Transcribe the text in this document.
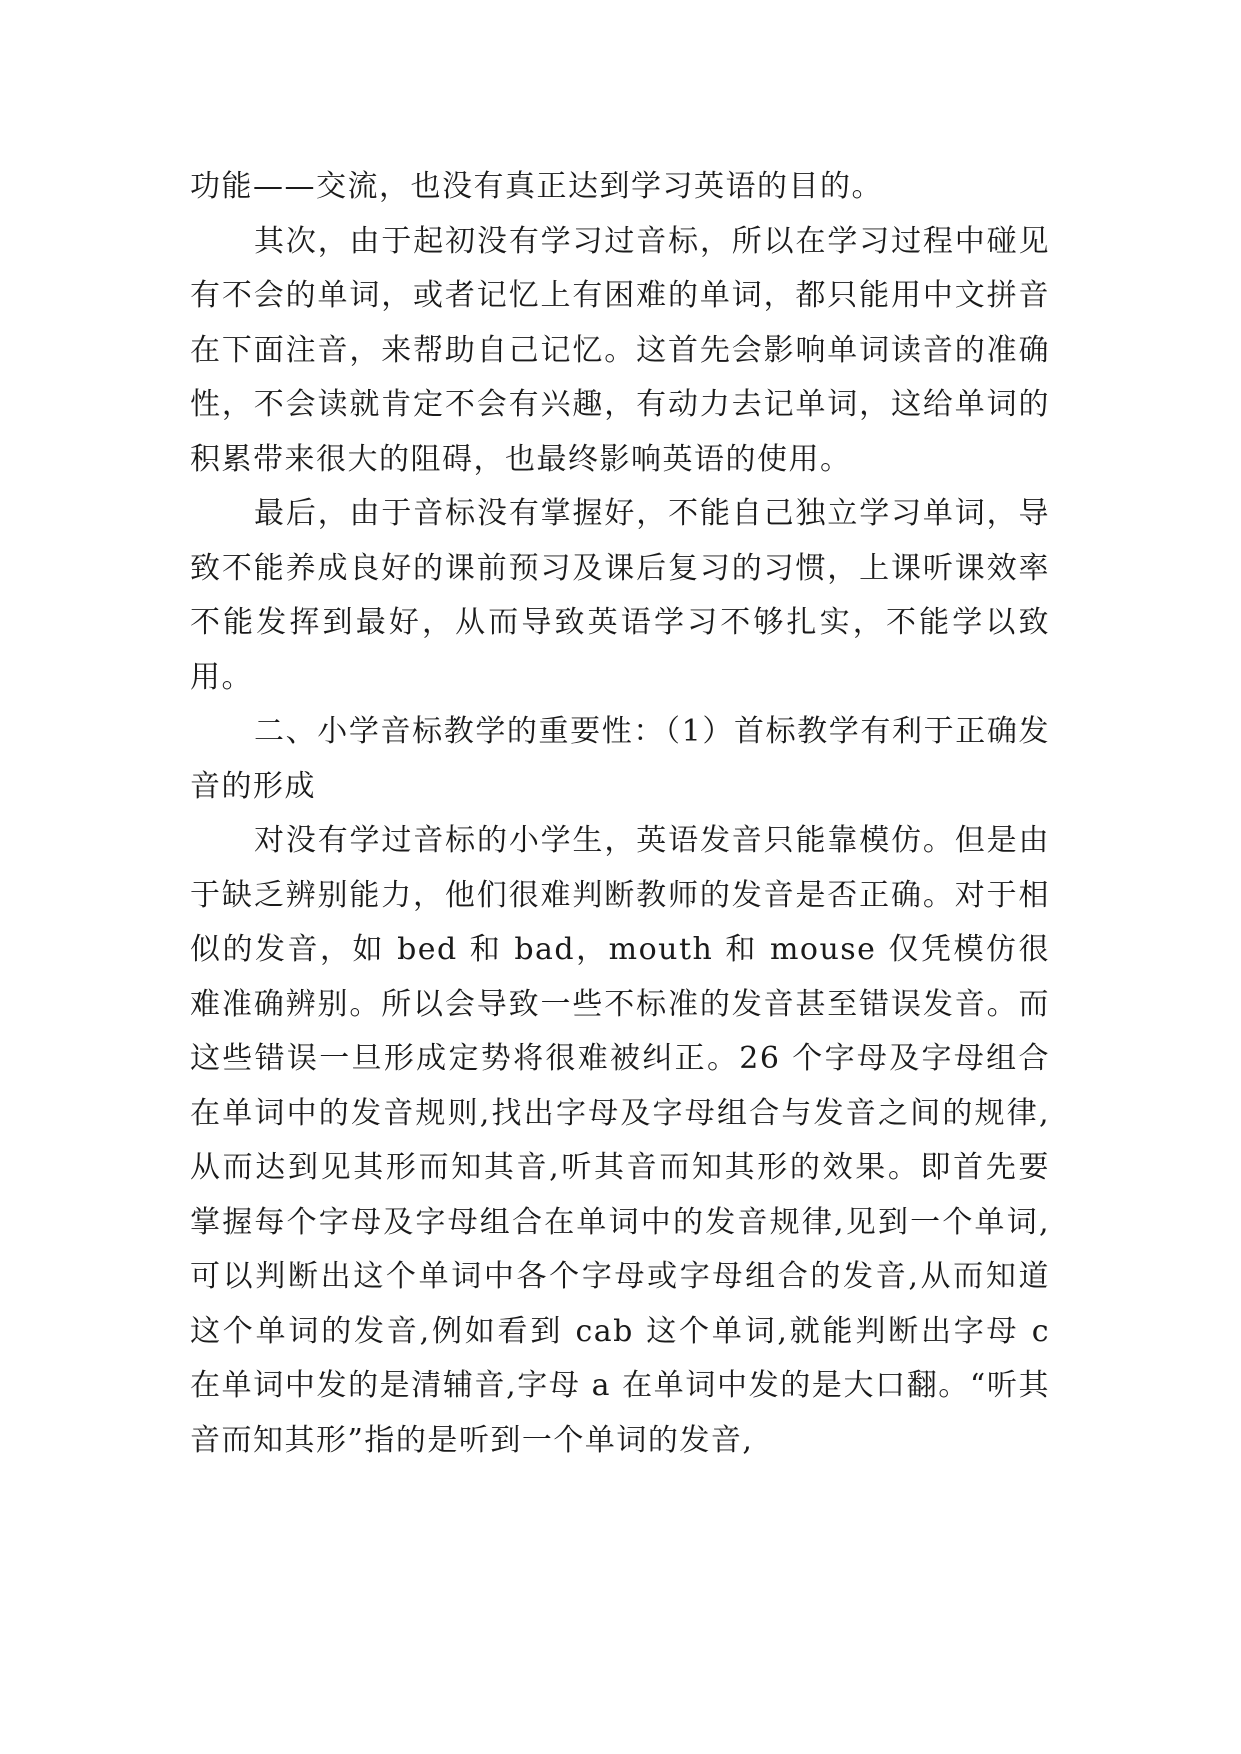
功能——交流，也没有真正达到学习英语的目的。

其次，由于起初没有学习过音标，所以在学习过程中碰见有不会的单词，或者记忆上有困难的单词，都只能用中文拼音在下面注音，来帮助自己记忆。这首先会影响单词读音的准确性，不会读就肯定不会有兴趣，有动力去记单词，这给单词的积累带来很大的阻碍，也最终影响英语的使用。

最后，由于音标没有掌握好，不能自己独立学习单词，导致不能养成良好的课前预习及课后复习的习惯，上课听课效率不能发挥到最好，从而导致英语学习不够扎实，不能学以致用。

二、小学音标教学的重要性：（1）首标教学有利于正确发音的形成

对没有学过音标的小学生，英语发音只能靠模仿。但是由于缺乏辨别能力，他们很难判断教师的发音是否正确。对于相似的发音，如 bed 和 bad，mouth 和 mouse 仅凭模仿很难准确辨别。所以会导致一些不标准的发音甚至错误发音。而这些错误一旦形成定势将很难被纠正。26 个字母及字母组合在单词中的发音规则,找出字母及字母组合与发音之间的规律,从而达到见其形而知其音,听其音而知其形的效果。即首先要掌握每个字母及字母组合在单词中的发音规律,见到一个单词,可以判断出这个单词中各个字母或字母组合的发音,从而知道这个单词的发音,例如看到 cab 这个单词,就能判断出字母 c 在单词中发的是清辅音,字母 a 在单词中发的是大口翻。“听其音而知其形”指的是听到一个单词的发音,
